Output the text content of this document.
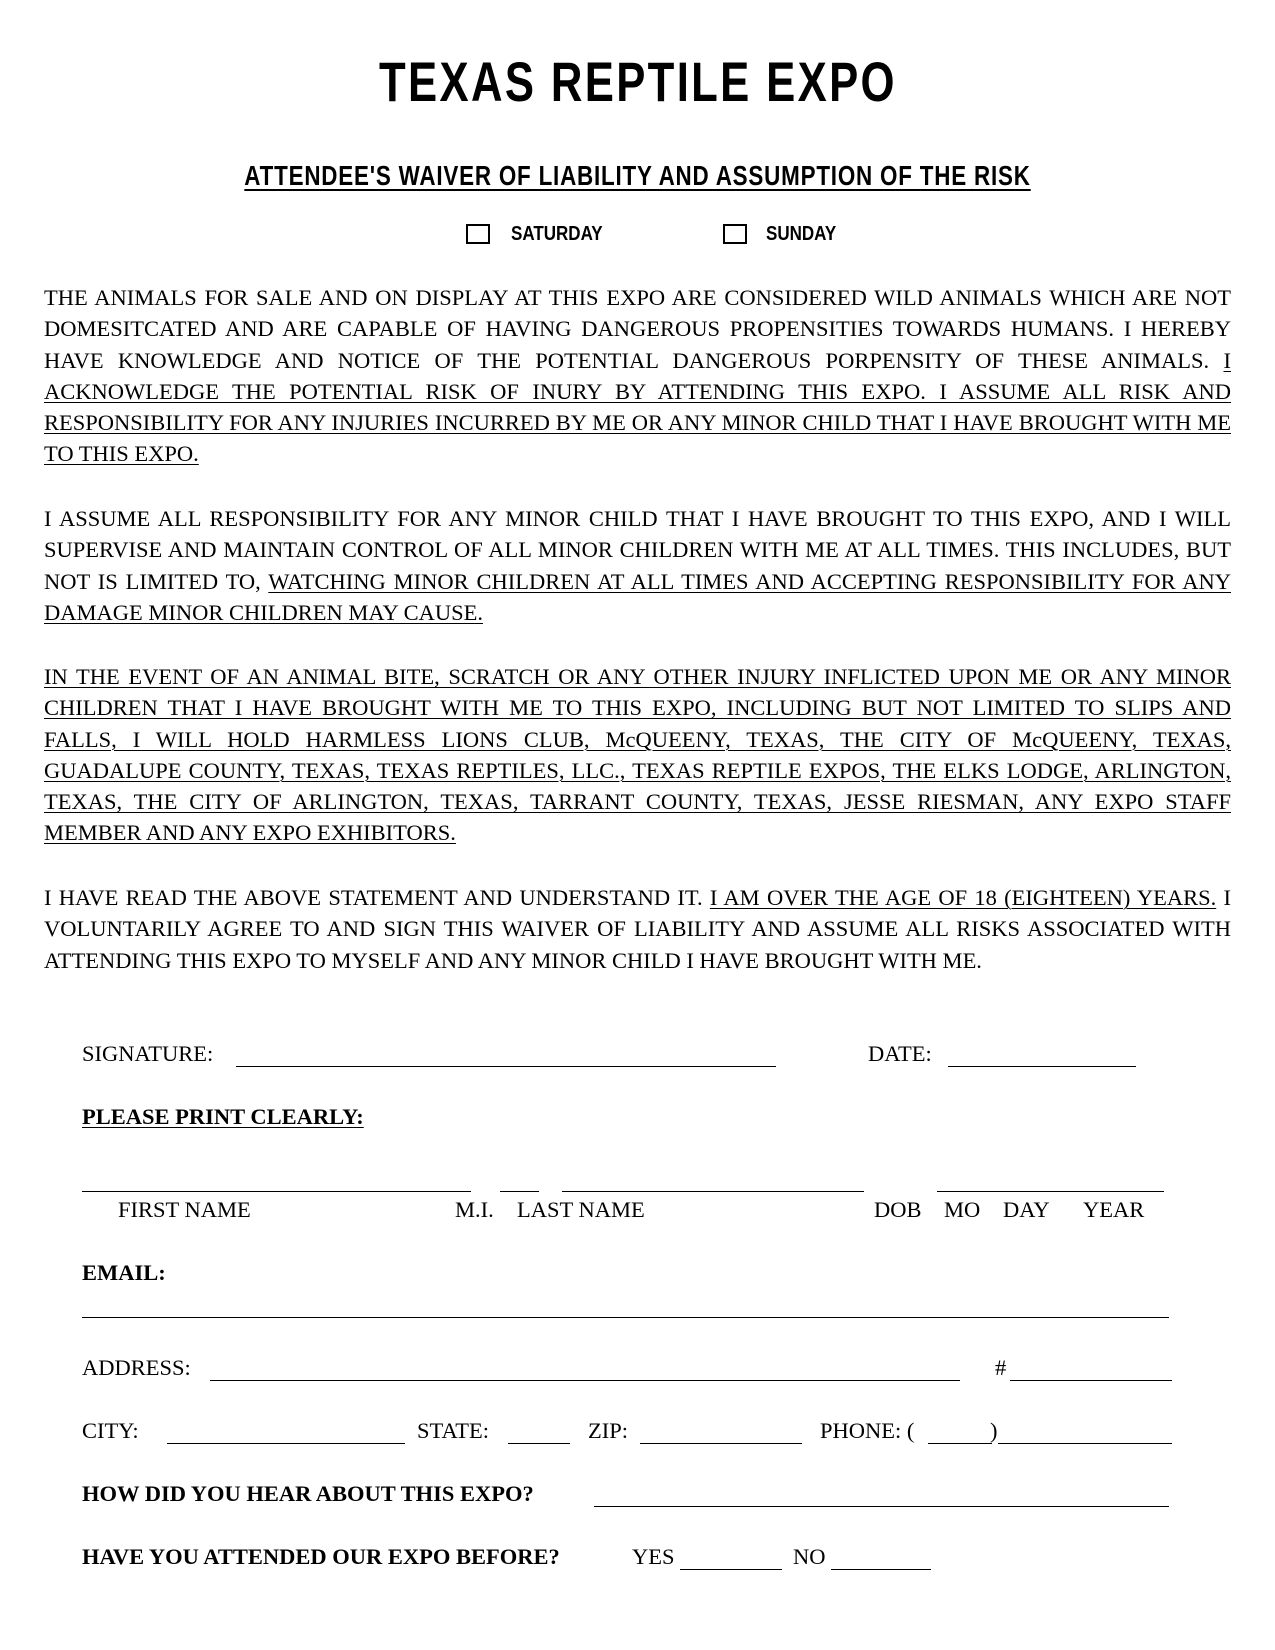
TEXAS REPTILE EXPO
ATTENDEE'S WAIVER OF LIABILITY AND ASSUMPTION OF THE RISK
SATURDAY	SUNDAY
THE ANIMALS FOR SALE AND ON DISPLAY AT THIS EXPO ARE CONSIDERED WILD ANIMALS WHICH ARE NOT DOMESITCATED AND ARE CAPABLE OF HAVING DANGEROUS PROPENSITIES TOWARDS HUMANS. I HEREBY HAVE KNOWLEDGE AND NOTICE OF THE POTENTIAL DANGEROUS PORPENSITY OF THESE ANIMALS. I ACKNOWLEDGE THE POTENTIAL RISK OF INURY BY ATTENDING THIS EXPO. I ASSUME ALL RISK AND RESPONSIBILITY FOR ANY INJURIES INCURRED BY ME OR ANY MINOR CHILD THAT I HAVE BROUGHT WITH ME TO THIS EXPO.
I ASSUME ALL RESPONSIBILITY FOR ANY MINOR CHILD THAT I HAVE BROUGHT TO THIS EXPO, AND I WILL SUPERVISE AND MAINTAIN CONTROL OF ALL MINOR CHILDREN WITH ME AT ALL TIMES. THIS INCLUDES, BUT NOT IS LIMITED TO, WATCHING MINOR CHILDREN AT ALL TIMES AND ACCEPTING RESPONSIBILITY FOR ANY DAMAGE MINOR CHILDREN MAY CAUSE.
IN THE EVENT OF AN ANIMAL BITE, SCRATCH OR ANY OTHER INJURY INFLICTED UPON ME OR ANY MINOR CHILDREN THAT I HAVE BROUGHT WITH ME TO THIS EXPO, INCLUDING BUT NOT LIMITED TO SLIPS AND FALLS, I WILL HOLD HARMLESS LIONS CLUB, McQUEENY, TEXAS, THE CITY OF McQUEENY, TEXAS, GUADALUPE COUNTY, TEXAS, TEXAS REPTILES, LLC., TEXAS REPTILE EXPOS, THE ELKS LODGE, ARLINGTON, TEXAS, THE CITY OF ARLINGTON, TEXAS, TARRANT COUNTY, TEXAS, JESSE RIESMAN, ANY EXPO STAFF MEMBER AND ANY EXPO EXHIBITORS.
I HAVE READ THE ABOVE STATEMENT AND UNDERSTAND IT. I AM OVER THE AGE OF 18 (EIGHTEEN) YEARS. I VOLUNTARILY AGREE TO AND SIGN THIS WAIVER OF LIABILITY AND ASSUME ALL RISKS ASSOCIATED WITH ATTENDING THIS EXPO TO MYSELF AND ANY MINOR CHILD I HAVE BROUGHT WITH ME.
SIGNATURE:	DATE:
PLEASE PRINT CLEARLY:
FIRST NAME	M.I. LAST NAME	DOB MO DAY YEAR
EMAIL:
ADDRESS:	#
CITY:	STATE:	ZIP:	PHONE: (	)
HOW DID YOU HEAR ABOUT THIS EXPO?
HAVE YOU ATTENDED OUR EXPO BEFORE?	YES	NO
